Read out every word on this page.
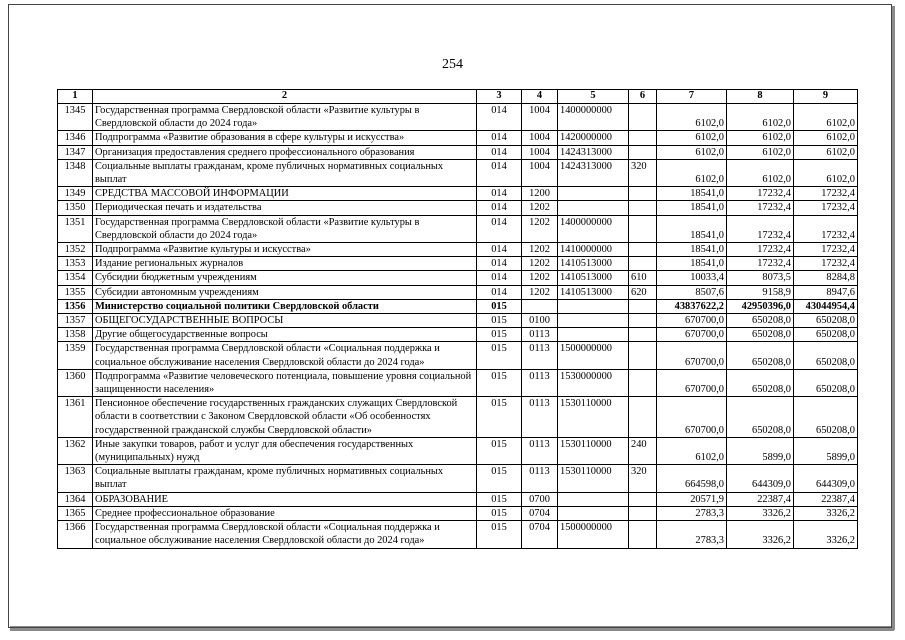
254
1	2	3	4	5	6	7	8	9
1345	Государственная программа Свердловской области «Развитие культуры в Свердловской области до 2024 года»	014	1004	1400000000		6102,0	6102,0	6102,0
1346	Подпрограмма «Развитие образования в сфере культуры и искусства»	014	1004	1420000000		6102,0	6102,0	6102,0
1347	Организация предоставления среднего профессионального образования	014	1004	1424313000		6102,0	6102,0	6102,0
1348	Социальные выплаты гражданам, кроме публичных нормативных социальных выплат	014	1004	1424313000	320	6102,0	6102,0	6102,0
1349	СРЕДСТВА МАССОВОЙ ИНФОРМАЦИИ	014	1200			18541,0	17232,4	17232,4
1350	Периодическая печать и издательства	014	1202			18541,0	17232,4	17232,4
1351	Государственная программа Свердловской области «Развитие культуры в Свердловской области до 2024 года»	014	1202	1400000000		18541,0	17232,4	17232,4
1352	Подпрограмма «Развитие культуры и искусства»	014	1202	1410000000		18541,0	17232,4	17232,4
1353	Издание региональных журналов	014	1202	1410513000		18541,0	17232,4	17232,4
1354	Субсидии бюджетным учреждениям	014	1202	1410513000	610	10033,4	8073,5	8284,8
1355	Субсидии автономным учреждениям	014	1202	1410513000	620	8507,6	9158,9	8947,6
1356	Министерство социальной политики Свердловской области	015				43837622,2	42950396,0	43044954,4
1357	ОБЩЕГОСУДАРСТВЕННЫЕ ВОПРОСЫ	015	0100			670700,0	650208,0	650208,0
1358	Другие общегосударственные вопросы	015	0113			670700,0	650208,0	650208,0
1359	Государственная программа Свердловской области «Социальная поддержка и социальное обслуживание населения Свердловской области до 2024 года»	015	0113	1500000000		670700,0	650208,0	650208,0
1360	Подпрограмма «Развитие человеческого потенциала, повышение уровня социальной защищенности населения»	015	0113	1530000000		670700,0	650208,0	650208,0
1361	Пенсионное обеспечение государственных гражданских служащих Свердловской области в соответствии с Законом Свердловской области «Об особенностях государственной гражданской службы Свердловской области»	015	0113	1530110000		670700,0	650208,0	650208,0
1362	Иные закупки товаров, работ и услуг для обеспечения государственных (муниципальных) нужд	015	0113	1530110000	240	6102,0	5899,0	5899,0
1363	Социальные выплаты гражданам, кроме публичных нормативных социальных выплат	015	0113	1530110000	320	664598,0	644309,0	644309,0
1364	ОБРАЗОВАНИЕ	015	0700			20571,9	22387,4	22387,4
1365	Среднее профессиональное образование	015	0704			2783,3	3326,2	3326,2
1366	Государственная программа Свердловской области «Социальная поддержка и социальное обслуживание населения Свердловской области до 2024 года»	015	0704	1500000000		2783,3	3326,2	3326,2
